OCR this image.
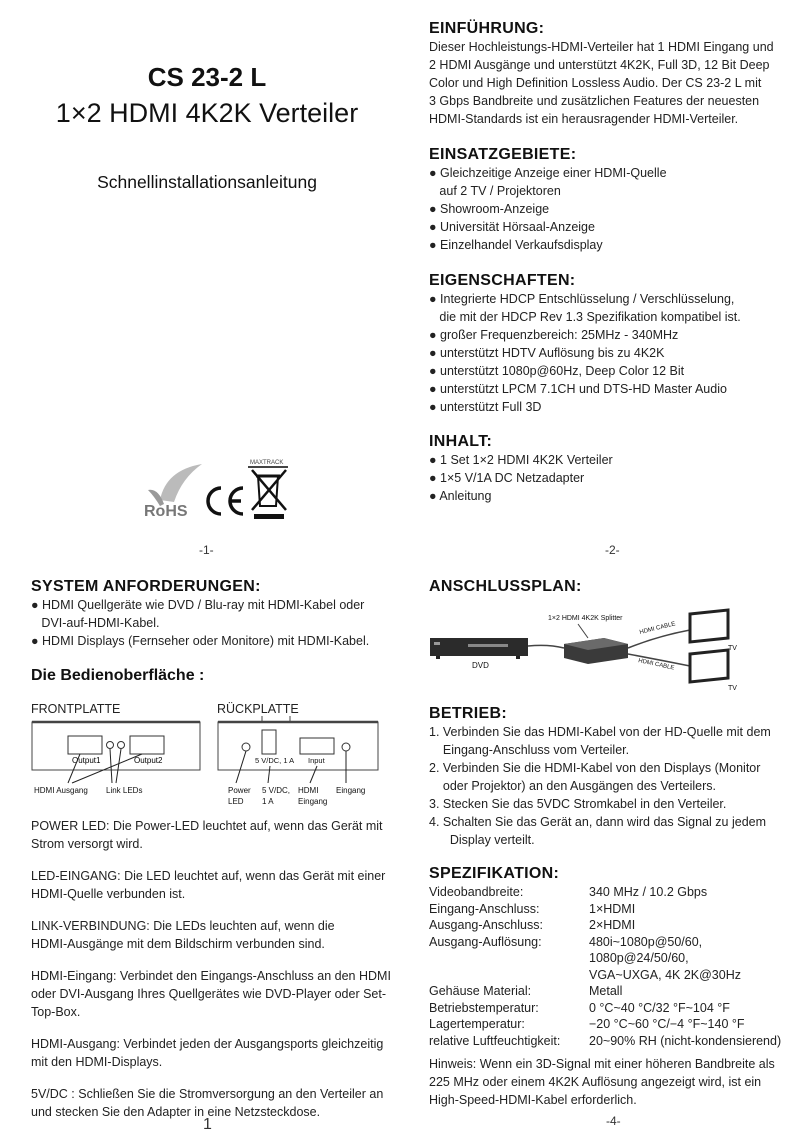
CS 23-2 L
1×2 HDMI 4K2K Verteiler
Schnellinstallationsanleitung
EINFÜHRUNG:
Dieser Hochleistungs-HDMI-Verteiler hat 1 HDMI Eingang und
2 HDMI Ausgänge und unterstützt 4K2K, Full 3D, 12 Bit Deep
Color und High Definition Lossless Audio. Der CS 23-2 L mit
3 Gbps Bandbreite und zusätzlichen Features der neuesten
HDMI-Standards ist ein herausragender HDMI-Verteiler.
EINSATZGEBIETE:
● Gleichzeitige Anzeige einer HDMI-Quelle
auf 2 TV / Projektoren
● Showroom-Anzeige
● Universität Hörsaal-Anzeige
● Einzelhandel Verkaufsdisplay
EIGENSCHAFTEN:
● Integrierte HDCP Entschlüsselung / Verschlüsselung,
die mit der HDCP Rev 1.3 Spezifikation kompatibel ist.
● großer Frequenzbereich: 25MHz - 340MHz
● unterstützt HDTV Auflösung bis zu 4K2K
● unterstützt 1080p@60Hz, Deep Color 12 Bit
● unterstützt LPCM 7.1CH und DTS-HD Master Audio
● unterstützt Full 3D
INHALT:
● 1 Set 1×2 HDMI 4K2K Verteiler
● 1×5 V/1A DC Netzadapter
● Anleitung
RoHS
MAXTRACK
-1-	-2-
SYSTEM ANFORDERUNGEN:
● HDMI Quellgeräte wie DVD / Blu-ray mit HDMI-Kabel oder
DVI-auf-HDMI-Kabel.
● HDMI Displays (Fernseher oder Monitore) mit HDMI-Kabel.
Die Bedienoberfläche :
FRONTPLATTE	RÜCKPLATTE
Output1	Output2
HDMI Ausgang Link LEDs
5 V/DC, 1 A Input
Power
LED
5 V/DC,
1 A
HDMI
Eingang
Eingang
POWER LED: Die Power-LED leuchtet auf, wenn das Gerät mit
Strom versorgt wird.
LED-EINGANG: Die LED leuchtet auf, wenn das Gerät mit einer
HDMI-Quelle verbunden ist.
LINK-VERBINDUNG: Die LEDs leuchten auf, wenn die
HDMI-Ausgänge mit dem Bildschirm verbunden sind.
HDMI-Eingang: Verbindet den Eingangs-Anschluss an den HDMI
oder DVI-Ausgang Ihres Quellgerätes wie DVD-Player oder Set-
Top-Box.
HDMI-Ausgang: Verbindet jeden der Ausgangsports gleichzeitig
mit den HDMI-Displays.
5V/DC : Schließen Sie die Stromversorgung an den Verteiler an
und stecken Sie den Adapter in eine Netzsteckdose.
1
ANSCHLUSSPLAN:
1×2 HDMI 4K2K Splitter
DVD
HDMI CABLE
HDMI CABLE
TV
TV
BETRIEB:
1. Verbinden Sie das HDMI-Kabel von der HD-Quelle mit dem
Eingang-Anschluss vom Verteiler.
2. Verbinden Sie die HDMI-Kabel von den Displays (Monitor
oder Projektor) an den Ausgängen des Verteilers.
3. Stecken Sie das 5VDC Stromkabel in den Verteiler.
4. Schalten Sie das Gerät an, dann wird das Signal zu jedem
Display verteilt.
SPEZIFIKATION:
Videobandbreite:	340 MHz / 10.2 Gbps
Eingang-Anschluss:	1×HDMI
Ausgang-Anschluss:	2×HDMI
Ausgang-Auflösung:	480i~1080p@50/60,
	1080p@24/50/60,
	VGA~UXGA, 4K 2K@30Hz
Gehäuse Material:	Metall
Betriebstemperatur:	0 °C~40 °C/32 °F~104 °F
Lagertemperatur:	−20 °C~60 °C/−4 °F~140 °F
relative Luftfeuchtigkeit:	20~90% RH (nicht-kondensierend)
Hinweis: Wenn ein 3D-Signal mit einer höheren Bandbreite als
225 MHz oder einem 4K2K Auflösung angezeigt wird, ist ein
High-Speed-HDMI-Kabel erforderlich.
-4-
